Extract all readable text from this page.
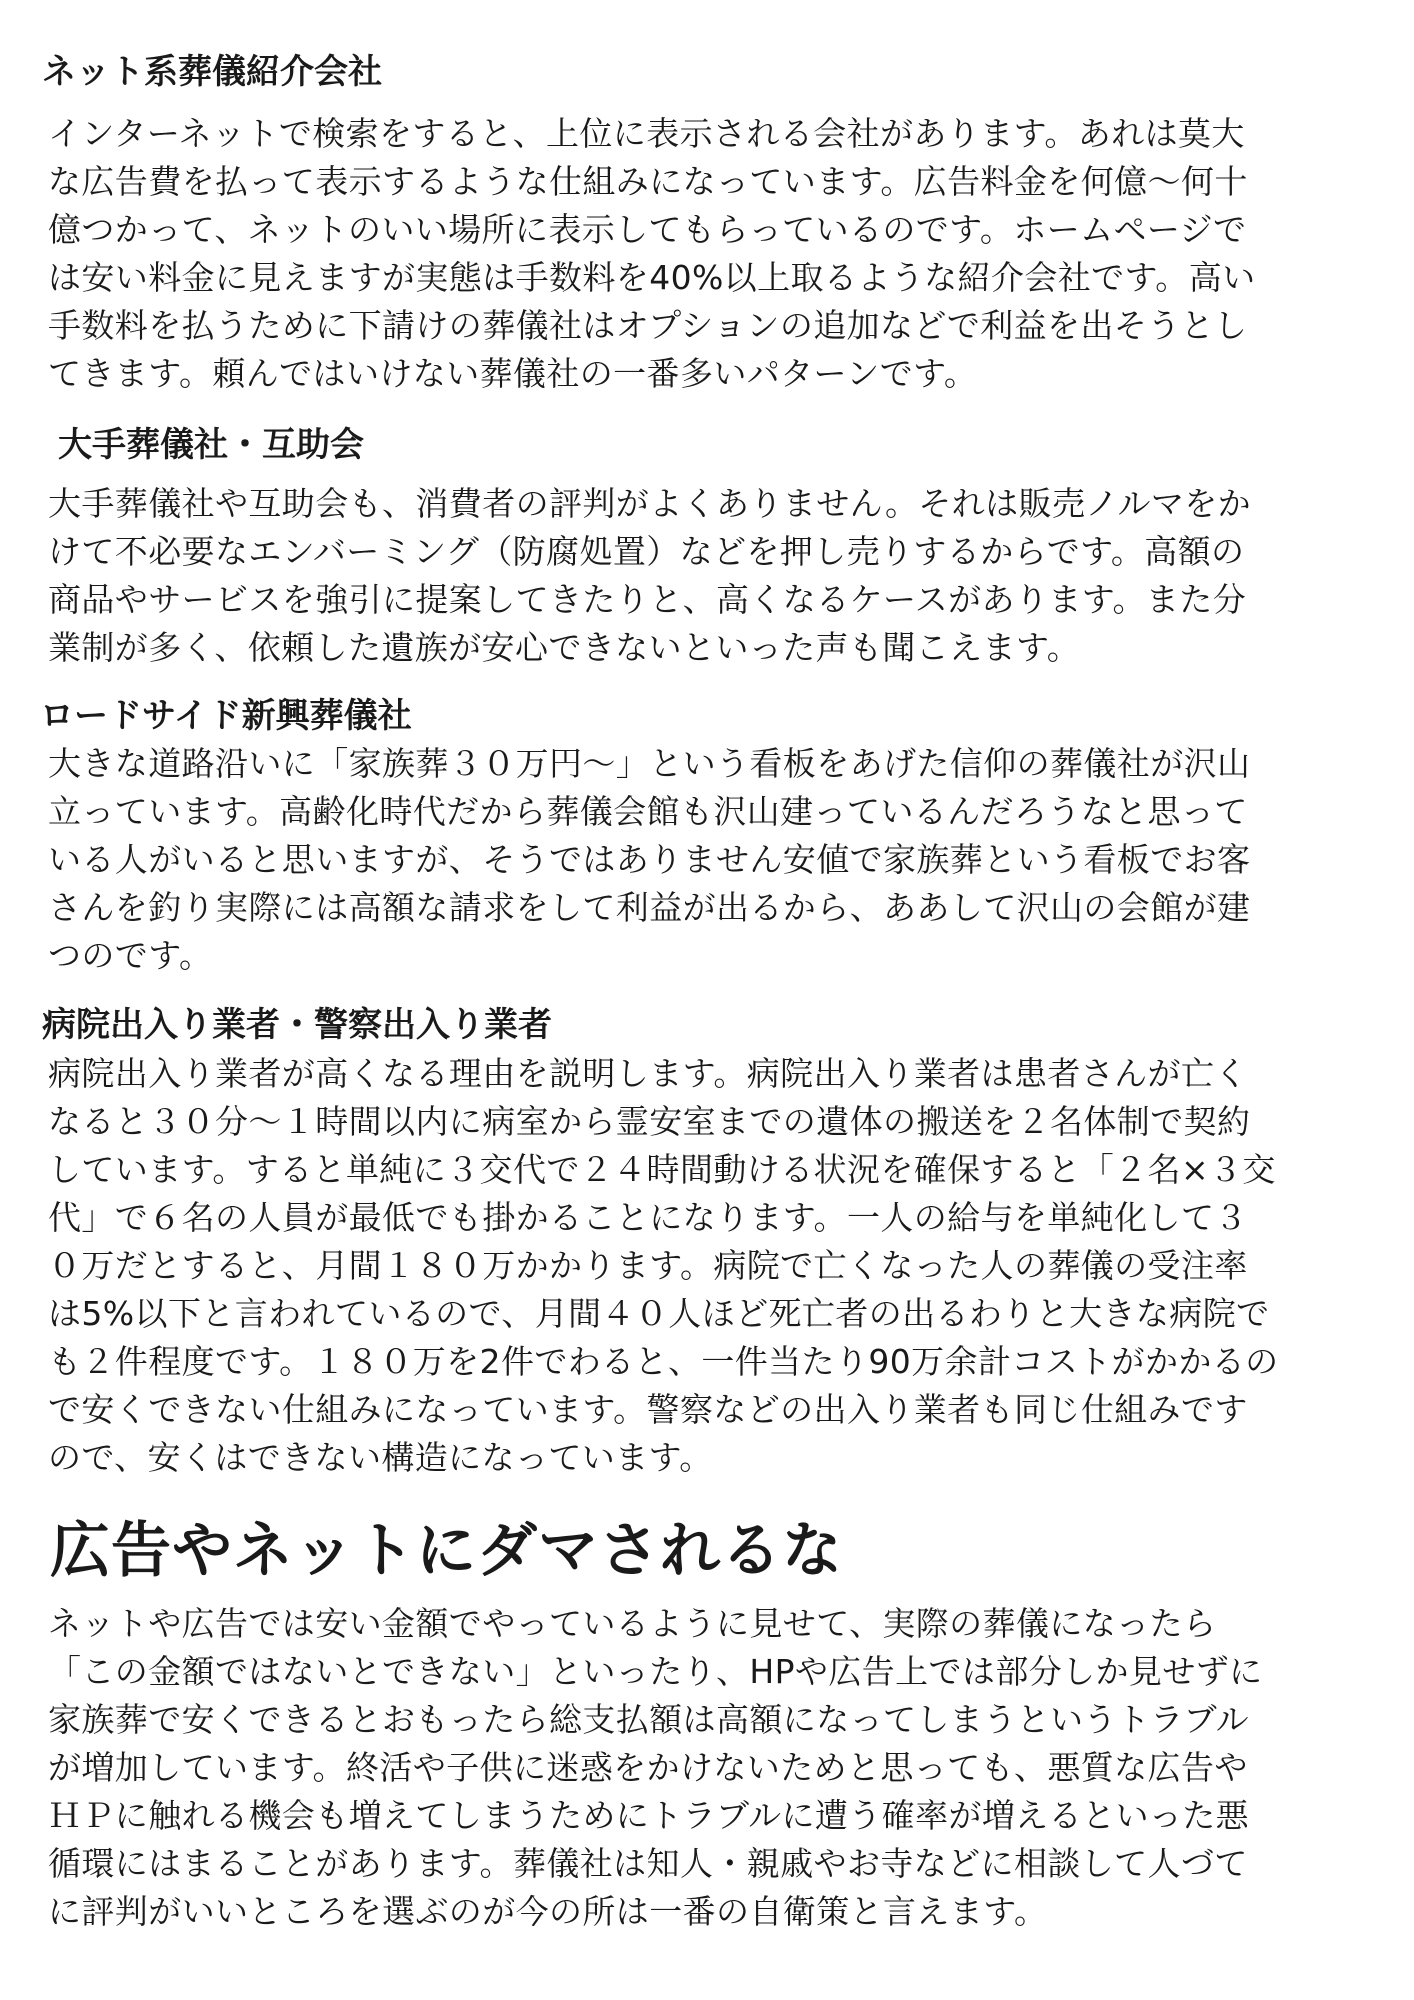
ネット系葬儀紹介会社

インターネットで検索をすると、上位に表示される会社があります。あれは莫大
な広告費を払って表示するような仕組みになっています。広告料金を何億～何十
億つかって、ネットのいい場所に表示してもらっているのです。ホームページで
は安い料金に見えますが実態は手数料を40%以上取るような紹介会社です。高い
手数料を払うために下請けの葬儀社はオプションの追加などで利益を出そうとし
てきます。頼んではいけない葬儀社の一番多いパターンです。

大手葬儀社・互助会

大手葬儀社や互助会も、消費者の評判がよくありません。それは販売ノルマをか
けて不必要なエンバーミング（防腐処置）などを押し売りするからです。高額の
商品やサービスを強引に提案してきたりと、高くなるケースがあります。また分
業制が多く、依頼した遺族が安心できないといった声も聞こえます。

ロードサイド新興葬儀社

大きな道路沿いに「家族葬３０万円～」という看板をあげた信仰の葬儀社が沢山
立っています。高齢化時代だから葬儀会館も沢山建っているんだろうなと思って
いる人がいると思いますが、そうではありません安値で家族葬という看板でお客
さんを釣り実際には高額な請求をして利益が出るから、ああして沢山の会館が建
つのです。

病院出入り業者・警察出入り業者

病院出入り業者が高くなる理由を説明します。病院出入り業者は患者さんが亡く
なると３０分～１時間以内に病室から霊安室までの遺体の搬送を２名体制で契約
しています。すると単純に３交代で２４時間動ける状況を確保すると「２名×３交
代」で６名の人員が最低でも掛かることになります。一人の給与を単純化して３
０万だとすると、月間１８０万かかります。病院で亡くなった人の葬儀の受注率
は5%以下と言われているので、月間４０人ほど死亡者の出るわりと大きな病院で
も２件程度です。１８０万を2件でわると、一件当たり90万余計コストがかかるの
で安くできない仕組みになっています。警察などの出入り業者も同じ仕組みです
ので、安くはできない構造になっています。

広告やネットにダマされるな

ネットや広告では安い金額でやっているように見せて、実際の葬儀になったら
「この金額ではないとできない」といったり、HPや広告上では部分しか見せずに
家族葬で安くできるとおもったら総支払額は高額になってしまうというトラブル
が増加しています。終活や子供に迷惑をかけないためと思っても、悪質な広告や
ＨＰに触れる機会も増えてしまうためにトラブルに遭う確率が増えるといった悪
循環にはまることがあります。葬儀社は知人・親戚やお寺などに相談して人づて
に評判がいいところを選ぶのが今の所は一番の自衛策と言えます。
